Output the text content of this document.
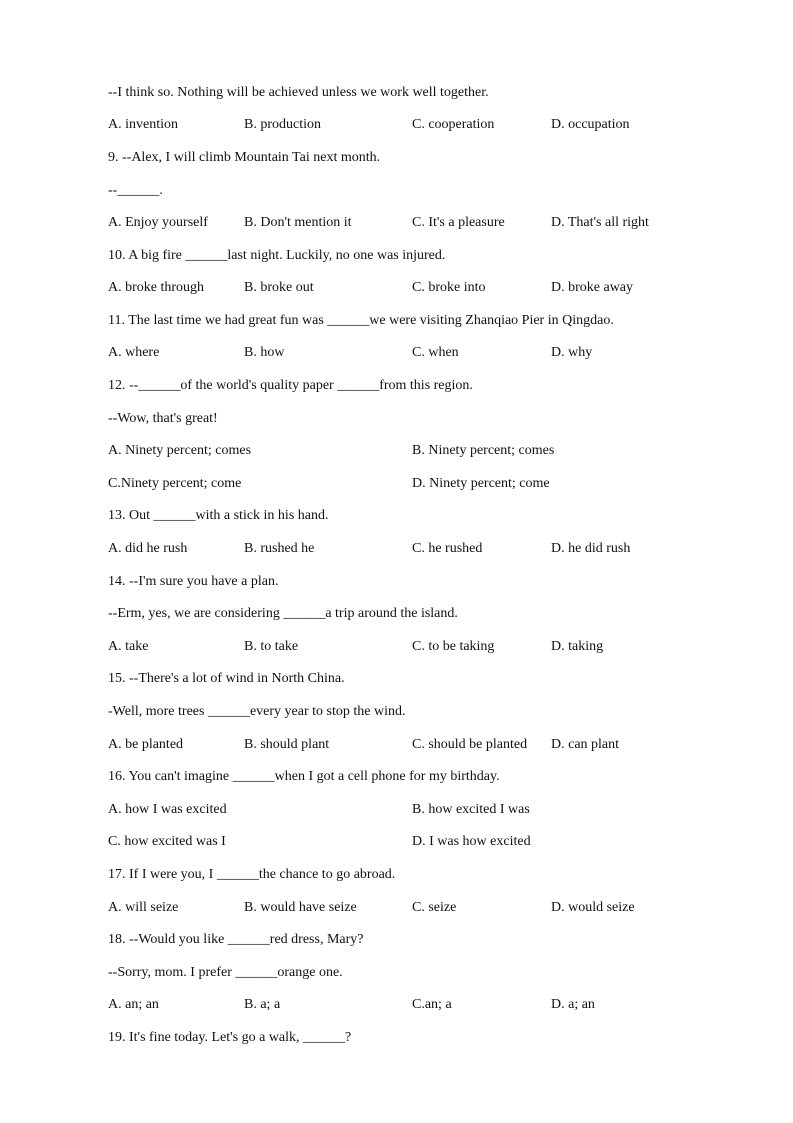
--I think so. Nothing will be achieved unless we work well together.
A. invention	B. production	C. cooperation	D. occupation
9. --Alex, I will climb Mountain Tai next month.
--______.
A. Enjoy yourself	B. Don't mention it	C. It's a pleasure	D. That's all right
10. A big fire ______last night. Luckily, no one was injured.
A. broke through	B. broke out	C. broke into	D. broke away
11. The last time we had great fun was ______we were visiting Zhanqiao Pier in Qingdao.
A. where	B. how	C. when	D. why
12. --______of the world's quality paper ______from this region.
--Wow, that's great!
A. Ninety percent; comes	B. Ninety percent; comes
C.Ninety percent; come	D. Ninety percent; come
13. Out ______with a stick in his hand.
A. did he rush	B. rushed he	C. he rushed	D. he did rush
14. --I'm sure you have a plan.
--Erm, yes, we are considering ______a trip around the island.
A. take	B. to take	C. to be taking	D. taking
15. --There's a lot of wind in North China.
-Well, more trees ______every year to stop the wind.
A. be planted	B. should plant	C. should be planted D. can plant
16. You can't imagine ______when I got a cell phone for my birthday.
A. how I was excited	B. how excited I was
C. how excited was I	D. I was how excited
17. If I were you, I ______the chance to go abroad.
A. will seize	B. would have seize	C. seize	D. would seize
18. --Would you like ______red dress, Mary?
--Sorry, mom. I prefer ______orange one.
A. an; an	B. a; a	C.an; a	D. a; an
19. It's fine today. Let's go a walk, ______?
